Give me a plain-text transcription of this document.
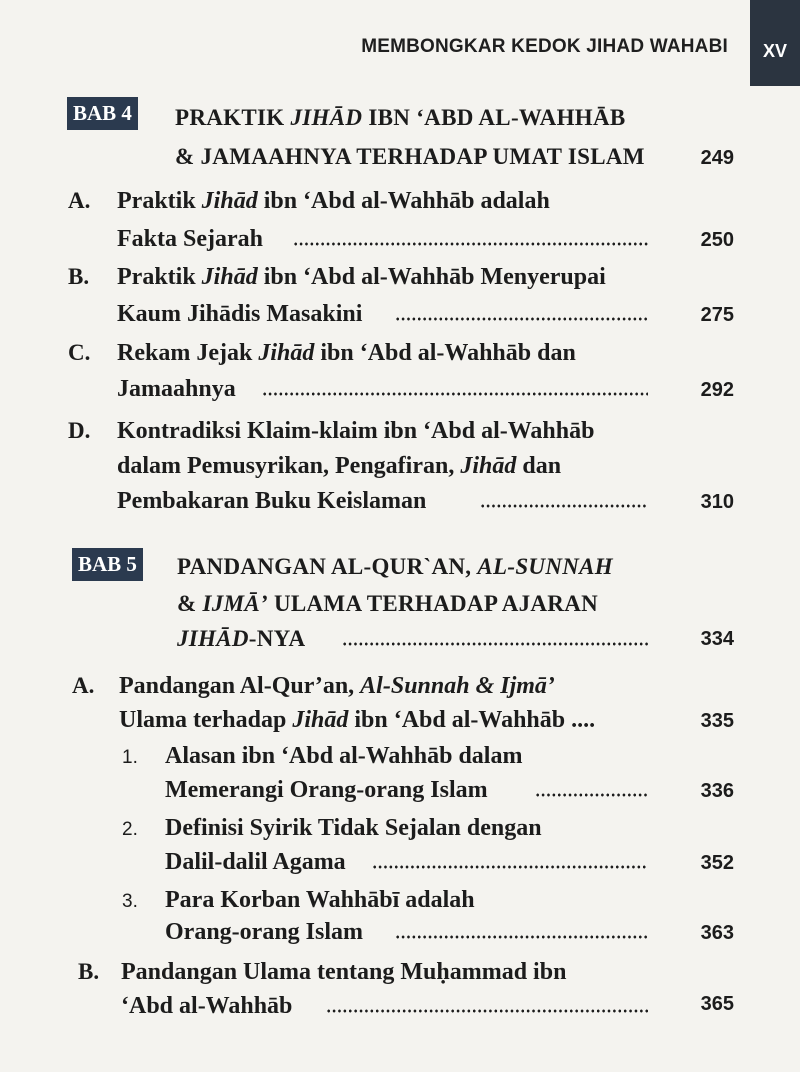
MEMBONGKAR KEDOK JIHAD WAHABI	XV
BAB 4 PRAKTIK JIHĀD IBN ‘ABD AL-WAHHĀB
& JAMAAHNYA TERHADAP UMAT ISLAM	249
A. Praktik Jihād ibn ‘Abd al-Wahhāb adalah
Fakta Sejarah	250
B. Praktik Jihād ibn ‘Abd al-Wahhāb Menyerupai
Kaum Jihādis Masakini	275
C. Rekam Jejak Jihād ibn ‘Abd al-Wahhāb dan
Jamaahnya	292
D. Kontradiksi Klaim-klaim ibn ‘Abd al-Wahhāb
dalam Pemusyrikan, Pengafiran, Jihād dan
Pembakaran Buku Keislaman	310
BAB 5 PANDANGAN AL-QUR`AN, AL-SUNNAH
& IJMĀ’ ULAMA TERHADAP AJARAN
JIHĀD-NYA	334
A. Pandangan Al-Qur’an, Al-Sunnah & Ijmā’
Ulama terhadap Jihād ibn ‘Abd al-Wahhāb ....	335
1. Alasan ibn ‘Abd al-Wahhāb dalam
Memerangi Orang-orang Islam	336
2. Definisi Syirik Tidak Sejalan dengan
Dalil-dalil Agama	352
3. Para Korban Wahhābī adalah
Orang-orang Islam	363
B. Pandangan Ulama tentang Muḥammad ibn
‘Abd al-Wahhāb	365
